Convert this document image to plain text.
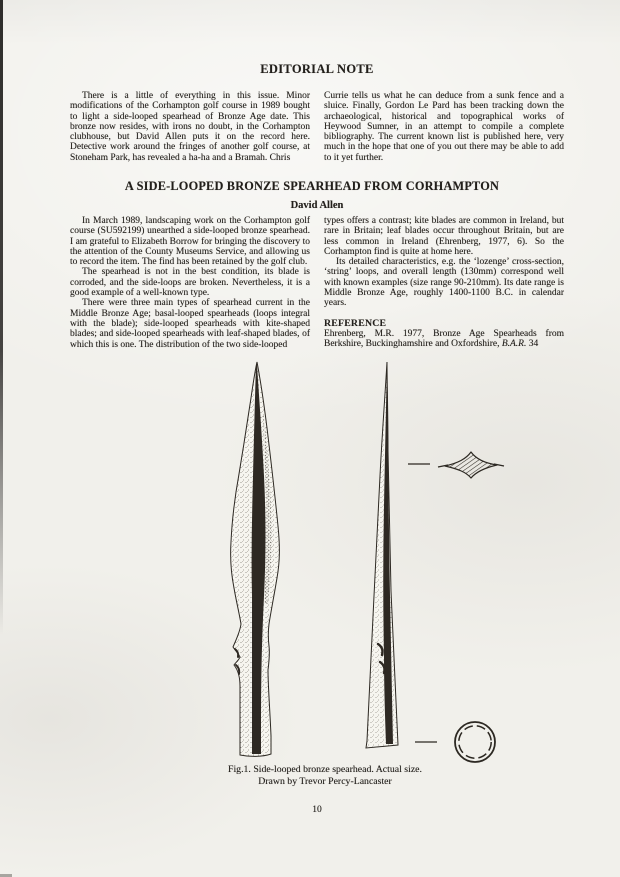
EDITORIAL NOTE

There is a little of everything in this issue. Minor modifications of the Corhampton golf course in 1989 bought to light a side-looped spearhead of Bronze Age date. This bronze now resides, with irons no doubt, in the Corhampton clubhouse, but David Allen puts it on the record here. Detective work around the fringes of another golf course, at Stoneham Park, has revealed a ha-ha and a Bramah. Chris

Currie tells us what he can deduce from a sunk fence and a sluice. Finally, Gordon Le Pard has been tracking down the archaeological, historical and topographical works of Heywood Sumner, in an attempt to compile a complete bibliography. The current known list is published here, very much in the hope that one of you out there may be able to add to it yet further.

A SIDE-LOOPED BRONZE SPEARHEAD FROM CORHAMPTON
David Allen

In March 1989, landscaping work on the Corhampton golf course (SU592199) unearthed a side-looped bronze spearhead. I am grateful to Elizabeth Borrow for bringing the discovery to the attention of the County Museums Service, and allowing us to record the item. The find has been retained by the golf club.

The spearhead is not in the best condition, its blade is corroded, and the side-loops are broken. Nevertheless, it is a good example of a well-known type.

There were three main types of spearhead current in the Middle Bronze Age; basal-looped spearheads (loops integral with the blade); side-looped spearheads with kite-shaped blades; and side-looped spearheads with leaf-shaped blades, of which this is one. The distribution of the two side-looped

types offers a contrast; kite blades are common in Ireland, but rare in Britain; leaf blades occur throughout Britain, but are less common in Ireland (Ehrenberg, 1977, 6). So the Corhampton find is quite at home here.

Its detailed characteristics, e.g. the ‘lozenge’ cross-section, ‘string’ loops, and overall length (130mm) correspond well with known examples (size range 90-210mm). Its date range is Middle Bronze Age, roughly 1400-1100 B.C. in calendar years.

REFERENCE

Ehrenberg, M.R. 1977, Bronze Age Spearheads from Berkshire, Buckinghamshire and Oxfordshire, B.A.R. 34

Fig.1. Side-looped bronze spearhead. Actual size.
Drawn by Trevor Percy-Lancaster
10
